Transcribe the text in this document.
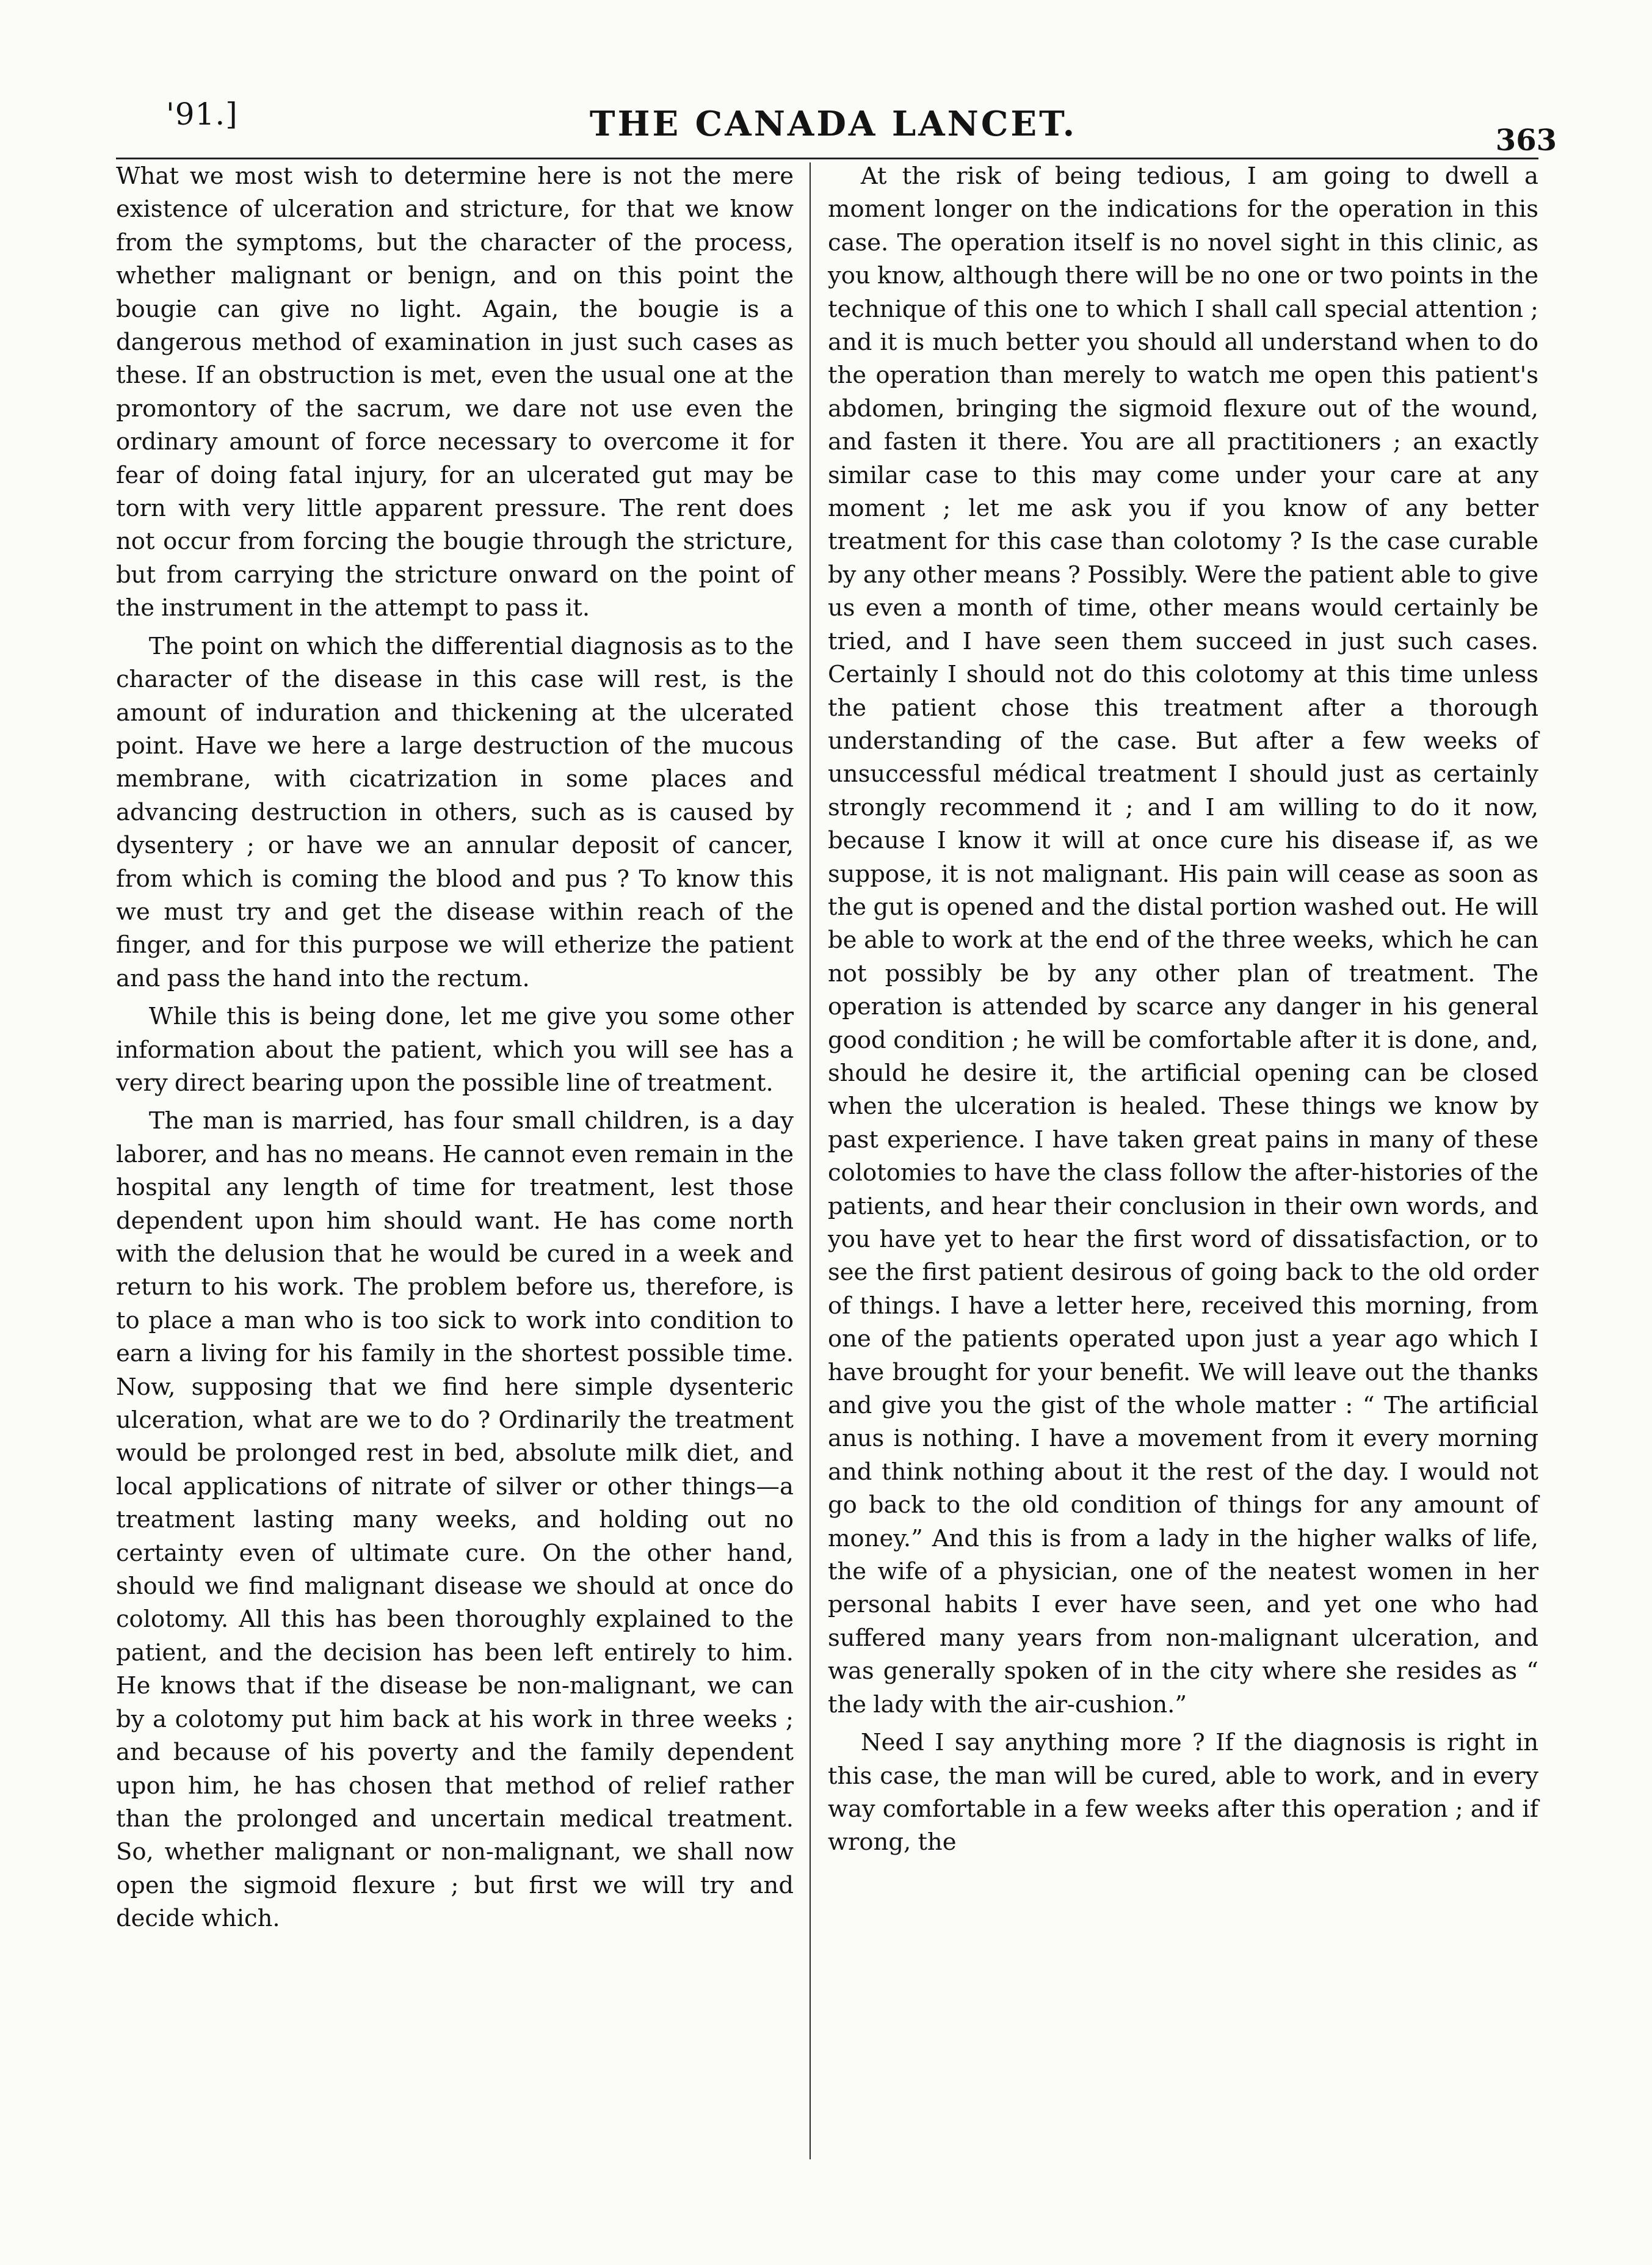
'91.]	THE CANADA LANCET.	363

What we most wish to determine here is not the mere existence of ulceration and stricture, for that we know from the symptoms, but the character of the process, whether malignant or benign, and on this point the bougie can give no light. Again, the bougie is a dangerous method of examination in just such cases as these. If an obstruction is met, even the usual one at the promontory of the sacrum, we dare not use even the ordinary amount of force necessary to overcome it for fear of doing fatal injury, for an ulcerated gut may be torn with very little apparent pressure. The rent does not occur from forcing the bougie through the stricture, but from carrying the stricture onward on the point of the instrument in the attempt to pass it.

The point on which the differential diagnosis as to the character of the disease in this case will rest, is the amount of induration and thickening at the ulcerated point. Have we here a large destruction of the mucous membrane, with cicatrization in some places and advancing destruction in others, such as is caused by dysentery ; or have we an annular deposit of cancer, from which is coming the blood and pus ? To know this we must try and get the disease within reach of the finger, and for this purpose we will etherize the patient and pass the hand into the rectum.

While this is being done, let me give you some other information about the patient, which you will see has a very direct bearing upon the possible line of treatment.

The man is married, has four small children, is a day laborer, and has no means. He cannot even remain in the hospital any length of time for treatment, lest those dependent upon him should want. He has come north with the delusion that he would be cured in a week and return to his work. The problem before us, therefore, is to place a man who is too sick to work into condition to earn a living for his family in the shortest possible time. Now, supposing that we find here simple dysenteric ulceration, what are we to do ? Ordinarily the treatment would be prolonged rest in bed, absolute milk diet, and local applications of nitrate of silver or other things—a treatment lasting many weeks, and holding out no certainty even of ultimate cure. On the other hand, should we find malignant disease we should at once do colotomy. All this has been thoroughly explained to the patient, and the decision has been left entirely to him. He knows that if the disease be non-malignant, we can by a colotomy put him back at his work in three weeks ; and because of his poverty and the family dependent upon him, he has chosen that method of relief rather than the prolonged and uncertain medical treatment. So, whether malignant or non-malignant, we shall now open the sigmoid flexure ; but first we will try and decide which.

At the risk of being tedious, I am going to dwell a moment longer on the indications for the operation in this case. The operation itself is no novel sight in this clinic, as you know, although there will be no one or two points in the technique of this one to which I shall call special attention ; and it is much better you should all understand when to do the operation than merely to watch me open this patient's abdomen, bringing the sigmoid flexure out of the wound, and fasten it there. You are all practitioners ; an exactly similar case to this may come under your care at any moment ; let me ask you if you know of any better treatment for this case than colotomy ? Is the case curable by any other means ? Possibly. Were the patient able to give us even a month of time, other means would certainly be tried, and I have seen them succeed in just such cases. Certainly I should not do this colotomy at this time unless the patient chose this treatment after a thorough understanding of the case. But after a few weeks of unsuccessful médical treatment I should just as certainly strongly recommend it ; and I am willing to do it now, because I know it will at once cure his disease if, as we suppose, it is not malignant. His pain will cease as soon as the gut is opened and the distal portion washed out. He will be able to work at the end of the three weeks, which he can not possibly be by any other plan of treatment. The operation is attended by scarce any danger in his general good condition ; he will be comfortable after it is done, and, should he desire it, the artificial opening can be closed when the ulceration is healed. These things we know by past experience. I have taken great pains in many of these colotomies to have the class follow the after-histories of the patients, and hear their conclusion in their own words, and you have yet to hear the first word of dissatisfaction, or to see the first patient desirous of going back to the old order of things. I have a letter here, received this morning, from one of the patients operated upon just a year ago which I have brought for your benefit. We will leave out the thanks and give you the gist of the whole matter : “ The artificial anus is nothing. I have a movement from it every morning and think nothing about it the rest of the day. I would not go back to the old condition of things for any amount of money.” And this is from a lady in the higher walks of life, the wife of a physician, one of the neatest women in her personal habits I ever have seen, and yet one who had suffered many years from non-malignant ulceration, and was generally spoken of in the city where she resides as “ the lady with the air-cushion.”

Need I say anything more ? If the diagnosis is right in this case, the man will be cured, able to work, and in every way comfortable in a few weeks after this operation ; and if wrong, the
